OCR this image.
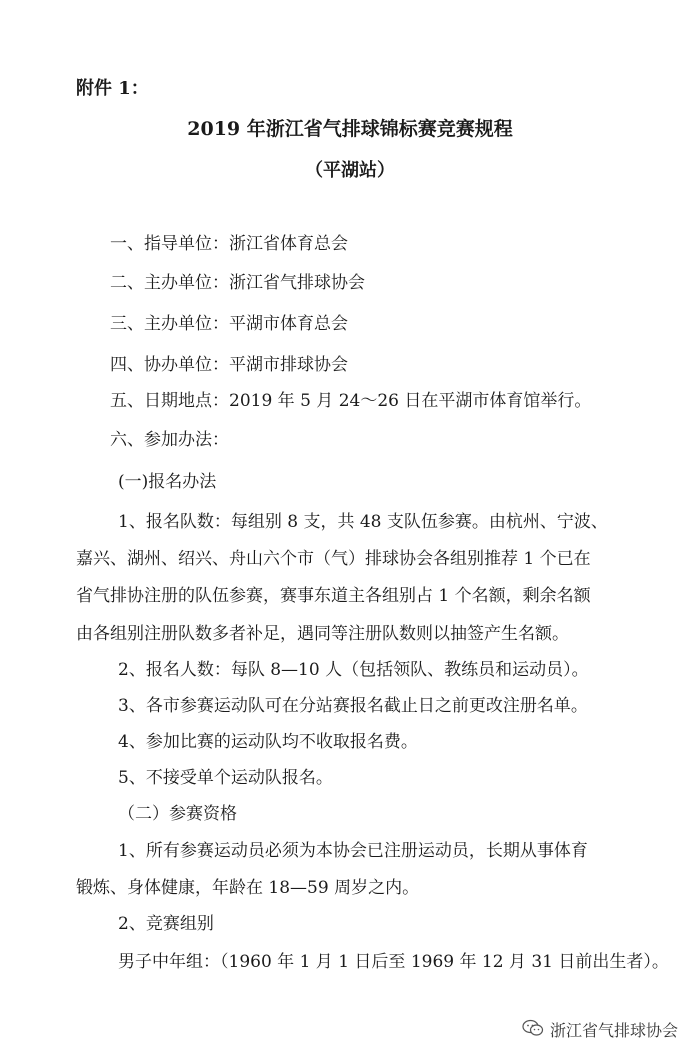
附件 1：
2019 年浙江省气排球锦标赛竞赛规程
（平湖站）
一、指导单位：浙江省体育总会
二、主办单位：浙江省气排球协会
三、主办单位：平湖市体育总会
四、协办单位：平湖市排球协会
五、日期地点：2019 年 5 月 24～26 日在平湖市体育馆举行。
六、参加办法：
(一)报名办法
1、报名队数：每组别 8 支，共 48 支队伍参赛。由杭州、宁波、
嘉兴、湖州、绍兴、舟山六个市（气）排球协会各组别推荐 1 个已在
省气排协注册的队伍参赛，赛事东道主各组别占 1 个名额，剩余名额
由各组别注册队数多者补足，遇同等注册队数则以抽签产生名额。
2、报名人数：每队 8—10 人（包括领队、教练员和运动员）。
3、各市参赛运动队可在分站赛报名截止日之前更改注册名单。
4、参加比赛的运动队均不收取报名费。
5、不接受单个运动队报名。
（二）参赛资格
1、所有参赛运动员必须为本协会已注册运动员，长期从事体育
锻炼、身体健康，年龄在 18—59 周岁之内。
2、竞赛组别
男子中年组：（1960 年 1 月 1 日后至 1969 年 12 月 31 日前出生者）。
浙江省气排球协会
